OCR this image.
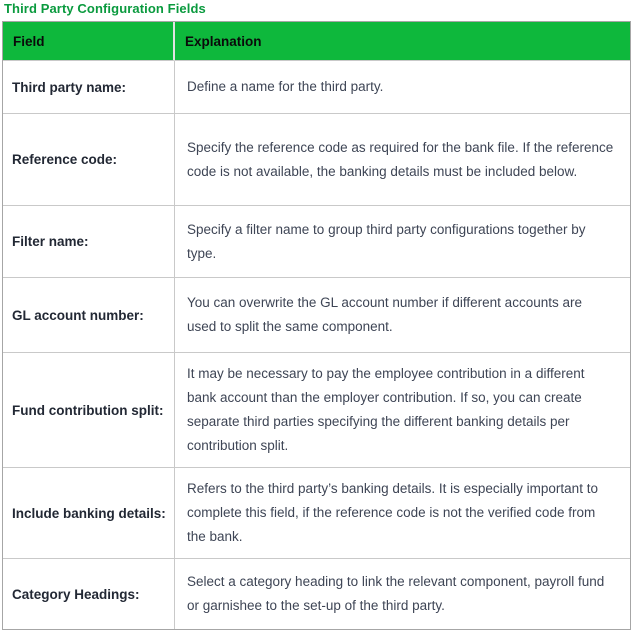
Third Party Configuration Fields
Field	Explanation
Third party name:	Define a name for the third party.
Reference code:	Specify the reference code as required for the bank file. If the reference code is not available, the banking details must be included below.
Filter name:	Specify a filter name to group third party configurations together by type.
GL account number:	You can overwrite the GL account number if different accounts are used to split the same component.
Fund contribution split:	It may be necessary to pay the employee contribution in a different bank account than the employer contribution. If so, you can create separate third parties specifying the different banking details per contribution split.
Include banking details:	Refers to the third party’s banking details. It is especially important to complete this field, if the reference code is not the verified code from the bank.
Category Headings:	Select a category heading to link the relevant component, payroll fund or garnishee to the set-up of the third party.
